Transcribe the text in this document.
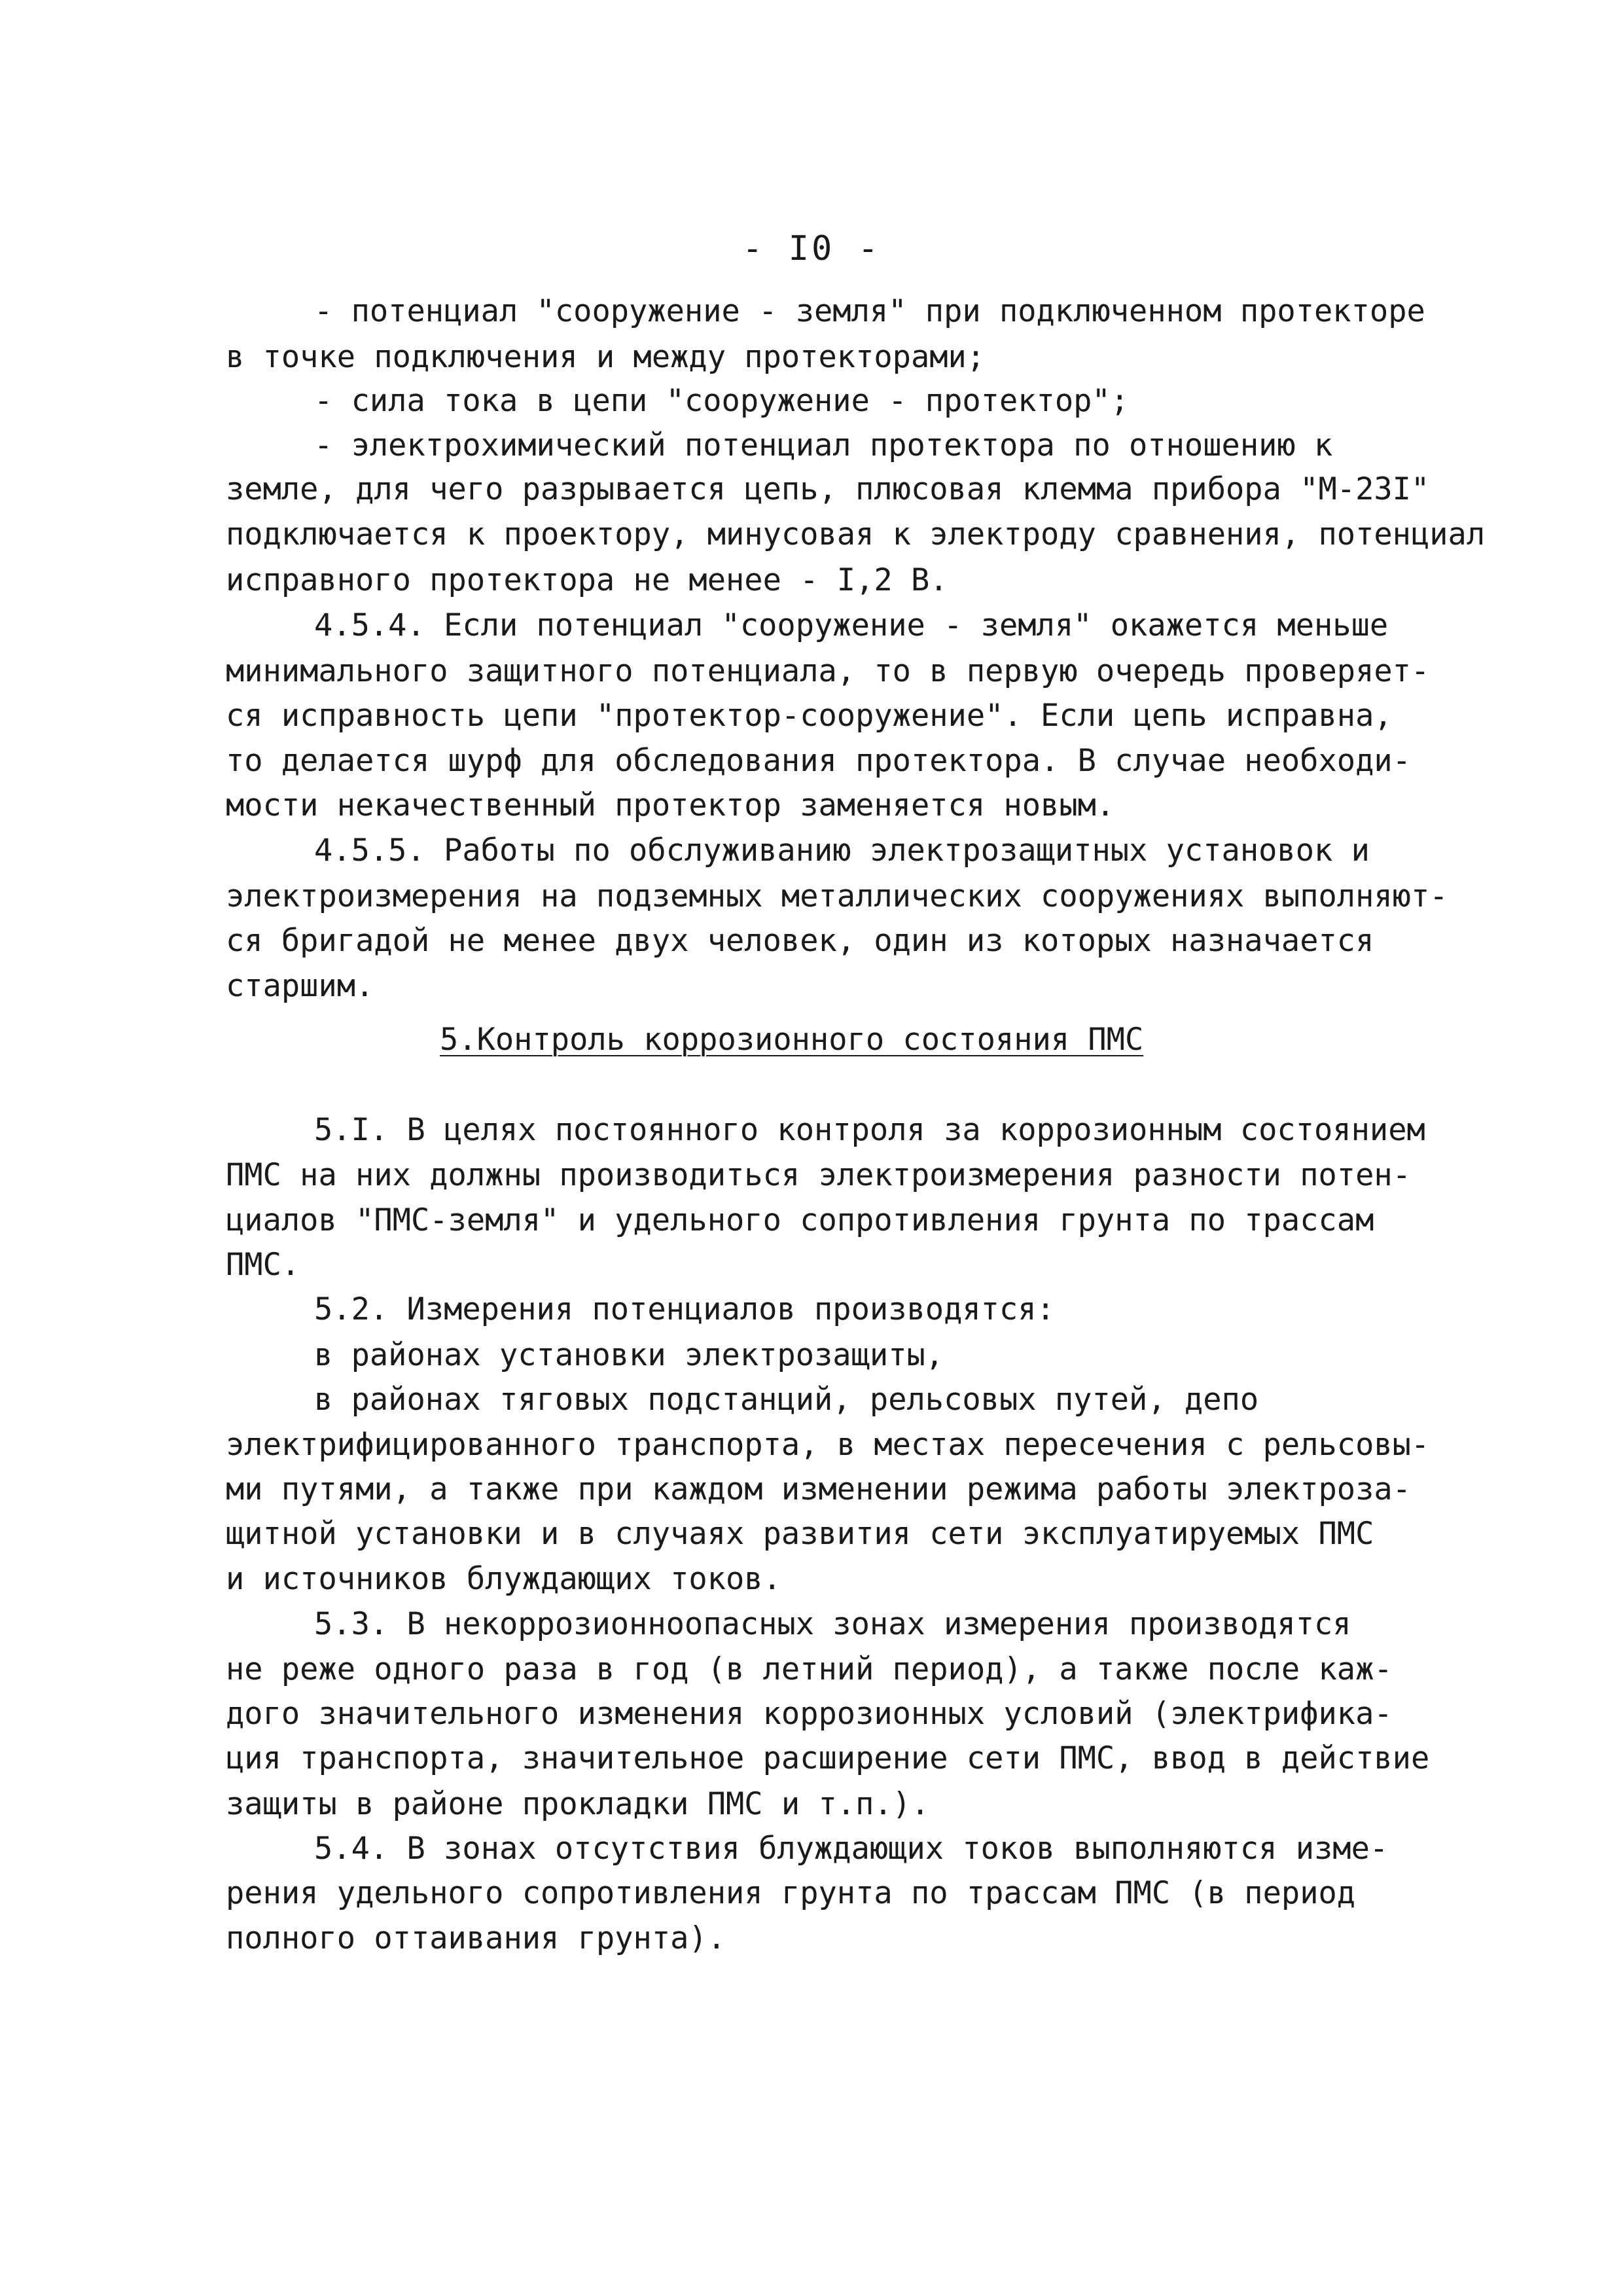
- I0 -
- потенциал "сооружение - земля" при подключенном протекторе
в точке подключения и между протекторами;
- сила тока в цепи "сооружение - протектор";
- электрохимический потенциал протектора по отношению к
земле, для чего разрывается цепь, плюсовая клемма прибора "М-23I"
подключается к проектору, минусовая к электроду сравнения, потенциал
исправного протектора не менее - I,2 В.
4.5.4. Если потенциал "сооружение - земля" окажется меньше
минимального защитного потенциала, то в первую очередь проверяет-
ся исправность цепи "протектор-сооружение". Если цепь исправна,
то делается шурф для обследования протектора. В случае необходи-
мости некачественный протектор заменяется новым.
4.5.5. Работы по обслуживанию электрозащитных установок и
электроизмерения на подземных металлических сооружениях выполняют-
ся бригадой не менее двух человек, один из которых назначается
старшим.
5.Контроль коррозионного состояния ПМС
5.I. В целях постоянного контроля за коррозионным состоянием
ПМС на них должны производиться электроизмерения разности потен-
циалов "ПМС-земля" и удельного сопротивления грунта по трассам
ПМС.
5.2. Измерения потенциалов производятся:
в районах установки электрозащиты,
в районах тяговых подстанций, рельсовых путей, депо
электрифицированного транспорта, в местах пересечения с рельсовы-
ми путями, а также при каждом изменении режима работы электроза-
щитной установки и в случаях развития сети эксплуатируемых ПМС
и источников блуждающих токов.
5.3. В некоррозионноопасных зонах измерения производятся
не реже одного раза в год (в летний период), а также после каж-
дого значительного изменения коррозионных условий (электрифика-
ция транспорта, значительное расширение сети ПМС, ввод в действие
защиты в районе прокладки ПМС и т.п.).
5.4. В зонах отсутствия блуждающих токов выполняются изме-
рения удельного сопротивления грунта по трассам ПМС (в период
полного оттаивания грунта).
